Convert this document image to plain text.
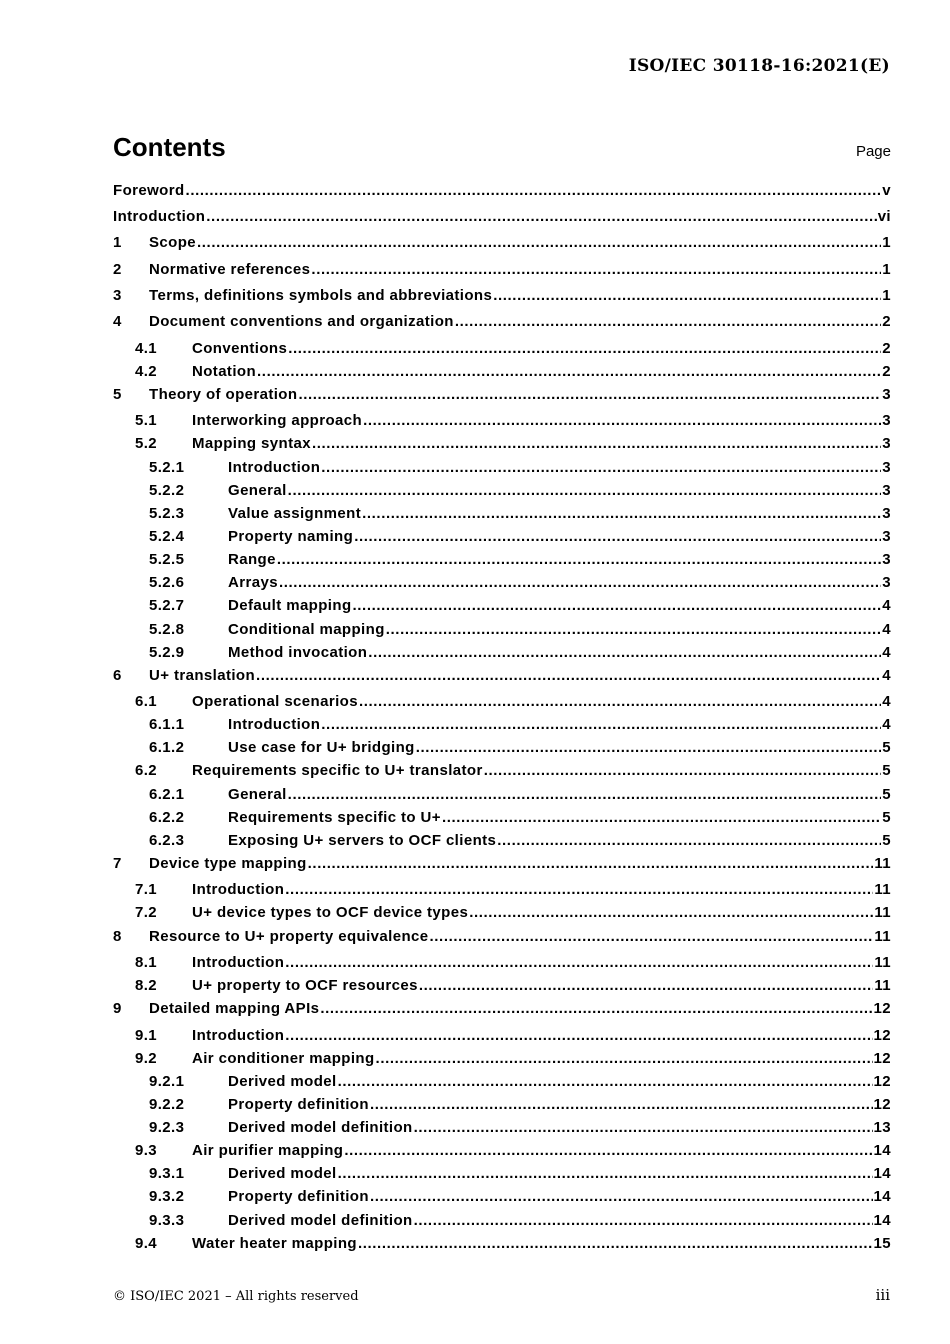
ISO/IEC 30118-16:2021(E)
Contents	Page
Foreword .....	v
Introduction .....	vi
1 Scope .....	1
2 Normative references .....	1
3 Terms, definitions symbols and abbreviations .....	1
4 Document conventions and organization .....	2
4.1 Conventions .....	2
4.2 Notation .....	2
5 Theory of operation .....	3
5.1 Interworking approach .....	3
5.2 Mapping syntax .....	3
5.2.1	Introduction .....	3
5.2.2	General .....	3
5.2.3	Value assignment .....	3
5.2.4	Property naming .....	3
5.2.5	Range .....	3
5.2.6	Arrays .....	3
5.2.7	Default mapping .....	4
5.2.8	Conditional mapping .....	4
5.2.9	Method invocation .....	4
6 U+ translation .....	4
6.1 Operational scenarios .....	4
6.1.1	Introduction .....	4
6.1.2	Use case for U+ bridging .....	5
6.2 Requirements specific to U+ translator .....	5
6.2.1	General .....	5
6.2.2	Requirements specific to U+ .....	5
6.2.3	Exposing U+ servers to OCF clients .....	5
7 Device type mapping .....	11
7.1 Introduction .....	11
7.2 U+ device types to OCF device types .....	11
8 Resource to U+ property equivalence .....	11
8.1 Introduction .....	11
8.2 U+ property to OCF resources .....	11
9 Detailed mapping APIs .....	12
9.1 Introduction .....	12
9.2 Air conditioner mapping .....	12
9.2.1	Derived model .....	12
9.2.2	Property definition .....	12
9.2.3	Derived model definition .....	13
9.3 Air purifier mapping .....	14
9.3.1	Derived model .....	14
9.3.2	Property definition .....	14
9.3.3	Derived model definition .....	14
9.4 Water heater mapping .....	15
© ISO/IEC 2021 – All rights reserved	iii
